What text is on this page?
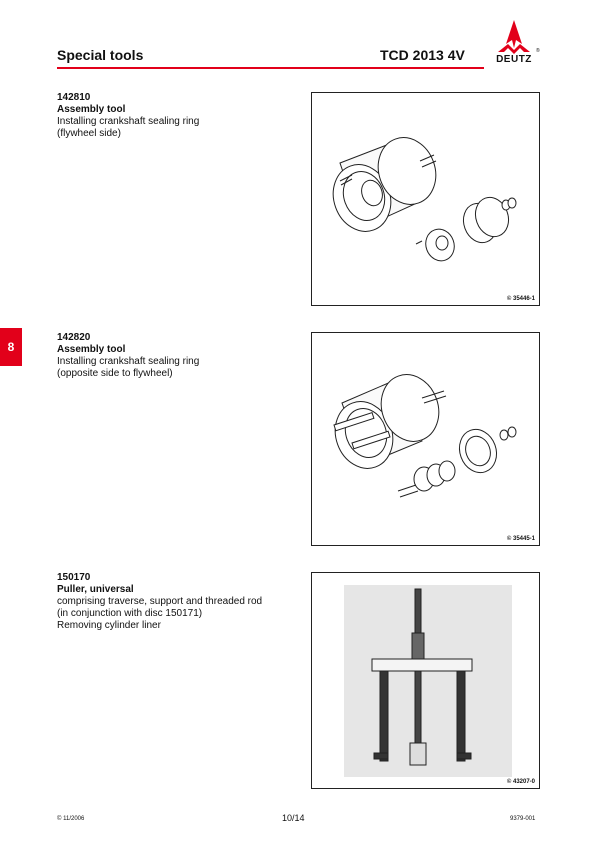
Special tools	TCD 2013 4V	®
DEUTZ
8
142810
Assembly tool
Installing crankshaft sealing ring
(flywheel side)
© 35446-1
142820
Assembly tool
Installing crankshaft sealing ring
(opposite side to flywheel)
© 35445-1
150170
Puller, universal
comprising traverse, support and threaded rod
(in conjunction with disc 150171)
Removing cylinder liner
© 43207-0
© 11/2006	10/14	9379-001
